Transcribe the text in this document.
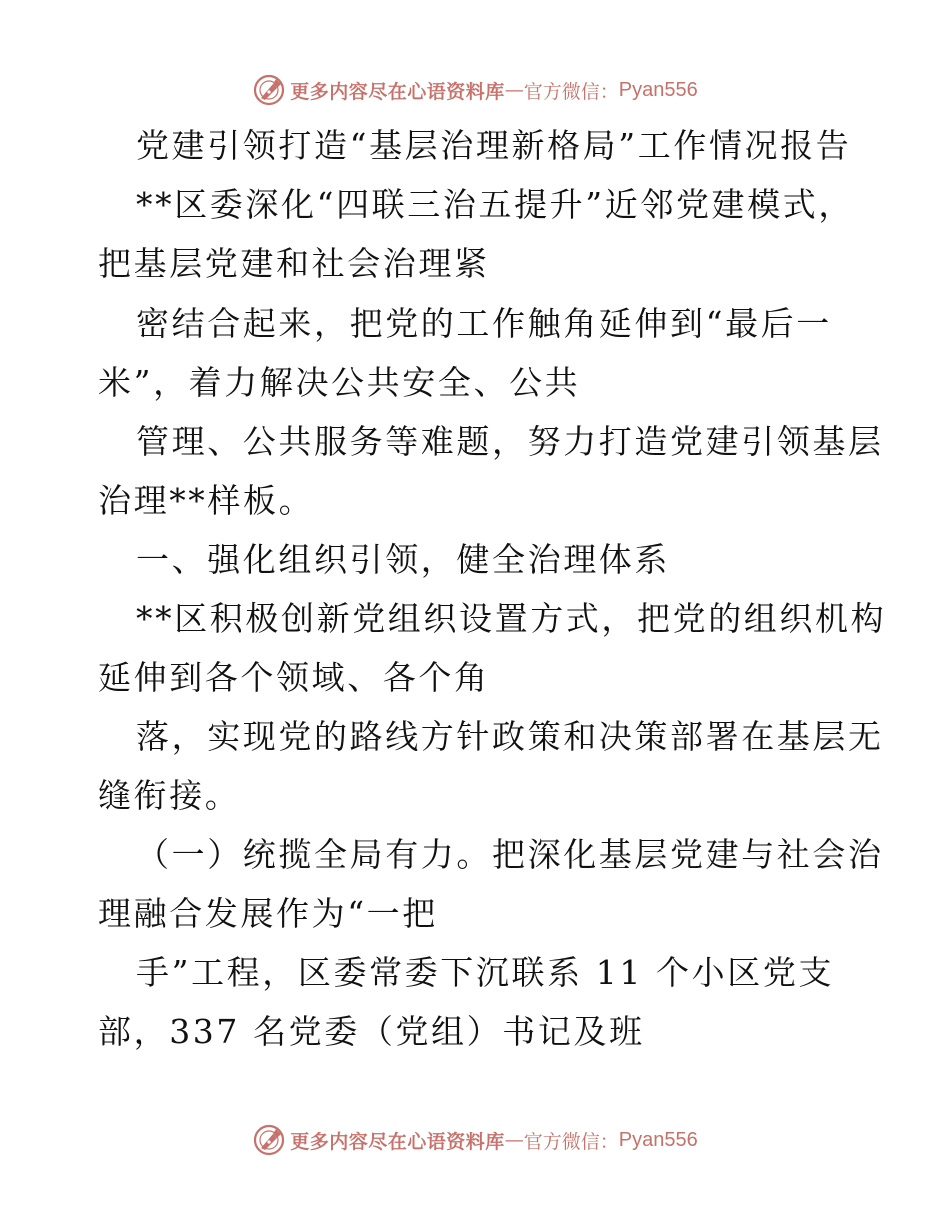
更多内容尽在心语资料库 — 官方微信： Pyan556
党建引领打造“基层治理新格局”工作情况报告
**区委深化“四联三治五提升”近邻党建模式，
把基层党建和社会治理紧
密结合起来，把党的工作触角延伸到“最后一
米”，着力解决公共安全、公共
管理、公共服务等难题，努力打造党建引领基层
治理**样板。
一、强化组织引领，健全治理体系
**区积极创新党组织设置方式，把党的组织机构
延伸到各个领域、各个角
落，实现党的路线方针政策和决策部署在基层无
缝衔接。
（一）统揽全局有力。把深化基层党建与社会治
理融合发展作为“一把
手”工程，区委常委下沉联系 11 个小区党支
部，337 名党委（党组）书记及班
更多内容尽在心语资料库 — 官方微信： Pyan556
